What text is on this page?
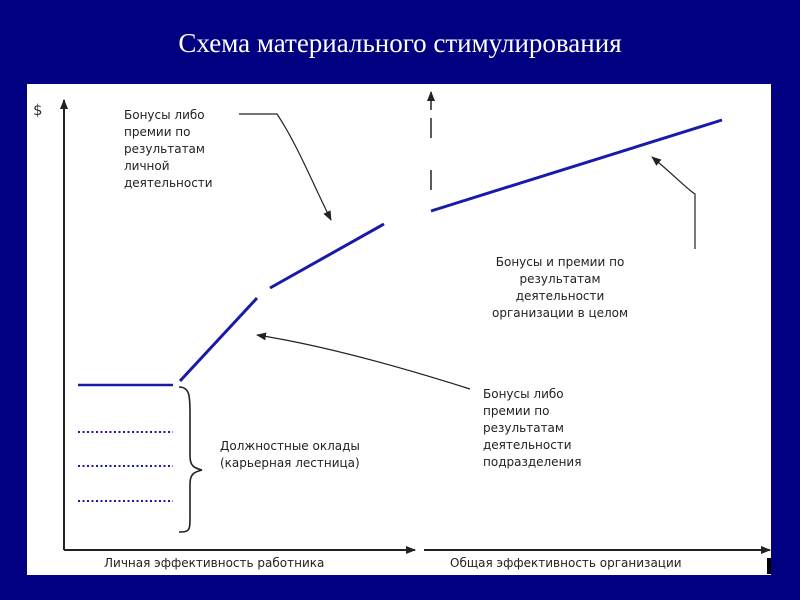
Схема материального стимулирования
$	Бонусы либо
премии по
результатам
личной
деятельности
Бонусы и премии по
результатам
деятельности
организации в целом
Бонусы либо
премии по
результатам
деятельности
подразделения
Должностные оклады
(карьерная лестница)
Личная эффективность работника	Общая эффективность организации
